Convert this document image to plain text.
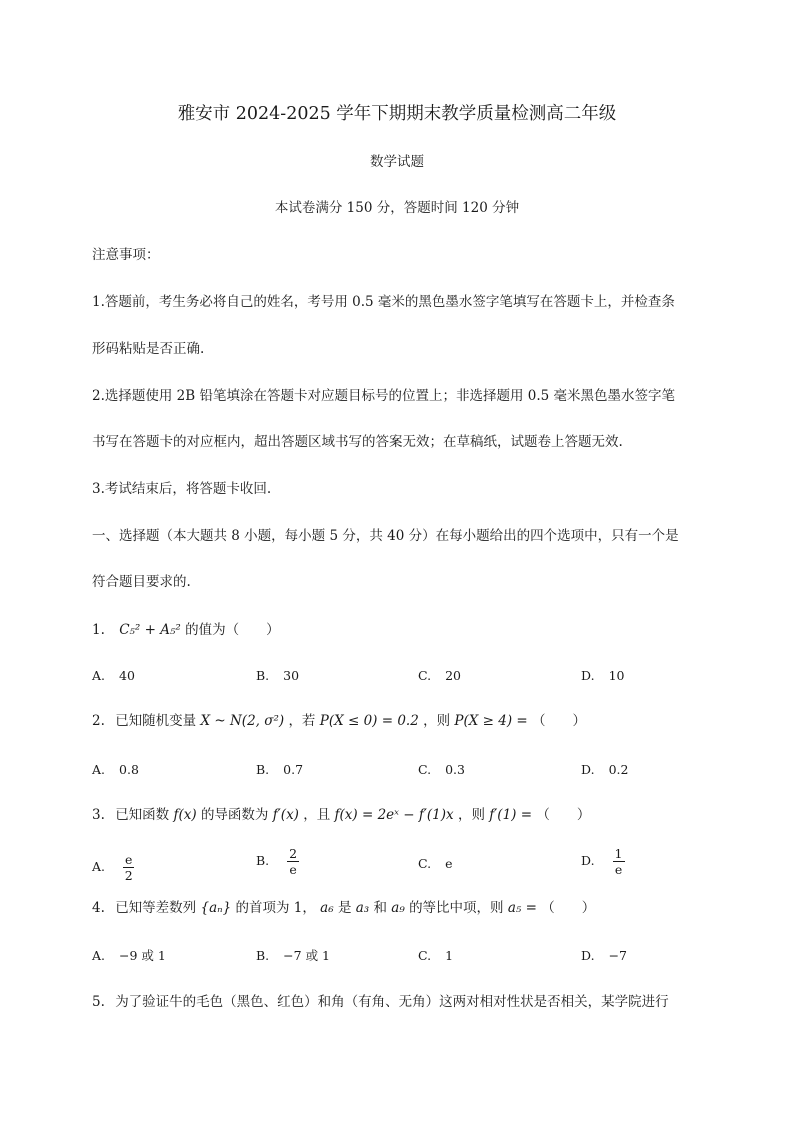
雅安市 2024-2025 学年下期期末教学质量检测高二年级
数学试题
本试卷满分 150 分，答题时间 120 分钟
注意事项：
1.答题前，考生务必将自己的姓名，考号用 0.5 毫米的黑色墨水签字笔填写在答题卡上，并检查条
形码粘贴是否正确.
2.选择题使用 2B 铅笔填涂在答题卡对应题目标号的位置上；非选择题用 0.5 毫米黑色墨水签字笔
书写在答题卡的对应框内，超出答题区域书写的答案无效；在草稿纸，试题卷上答题无效.
3.考试结束后，将答题卡收回.
一、选择题（本大题共 8 小题，每小题 5 分，共 40 分）在每小题给出的四个选项中，只有一个是
符合题目要求的.
1. C₅² + A₅² 的值为（　　）
A. 40	B. 30	C. 20	D. 10
2. 已知随机变量 X ~ N(2, σ²) ，若 P(X ≤ 0) = 0.2 ，则 P(X ≥ 4) = （　　）
A. 0.8	B. 0.7	C. 0.3	D. 0.2
3. 已知函数 f(x) 的导函数为 f′(x) ，且 f(x) = 2eˣ − f′(1)x ，则 f′(1) = （　　）
A. $\frac{e}{2}$	B. $\frac{2}{e}$	C. e	D. $\frac{1}{e}$
4. 已知等差数列 {aₙ} 的首项为 1， a₆ 是 a₃ 和 a₉ 的等比中项，则 a₅ = （　　）
A. −9 或 1	B. −7 或 1	C. 1	D. −7
5. 为了验证牛的毛色（黑色、红色）和角（有角、无角）这两对相对性状是否相关，某学院进行
